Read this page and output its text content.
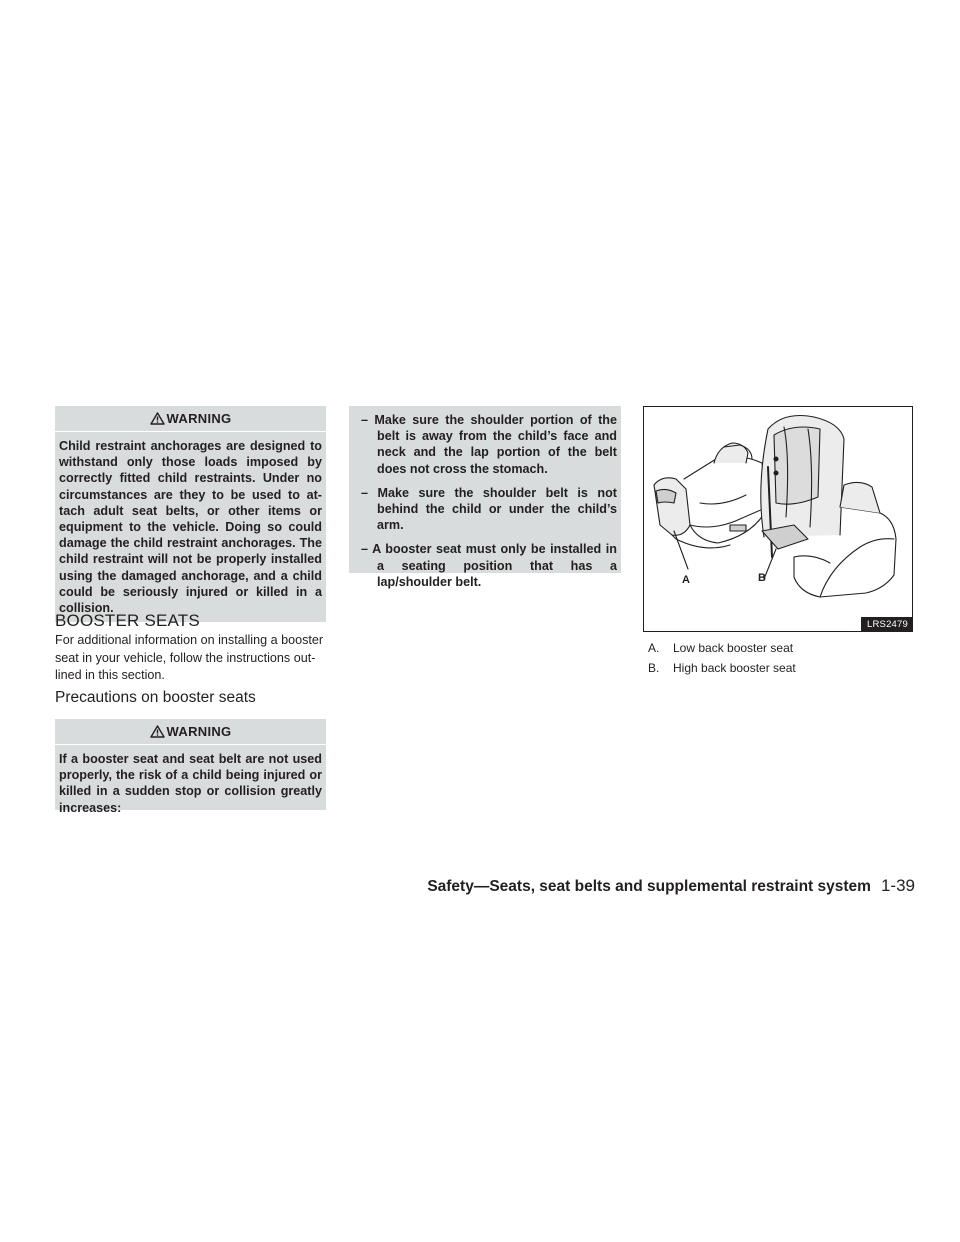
WARNING

Child restraint anchorages are designed to withstand only those loads imposed by correctly fitted child restraints. Under no circumstances are they to be used to at-tach adult seat belts, or other items or equipment to the vehicle. Doing so could damage the child restraint anchorages. The child restraint will not be properly installed using the damaged anchorage, and a child could be seriously injured or killed in a collision.

BOOSTER SEATS

For additional information on installing a booster seat in your vehicle, follow the instructions out-lined in this section.

Precautions on booster seats
WARNING

If a booster seat and seat belt are not used properly, the risk of a child being injured or killed in a sudden stop or collision greatly increases:

– Make sure the shoulder portion of the belt is away from the child’s face and neck and the lap portion of the belt does not cross the stomach.
– Make sure the shoulder belt is not behind the child or under the child’s arm.
– A booster seat must only be installed in a seating position that has a lap/shoulder belt.	A	B
LRS2479
A. Low back booster seat
B. High back booster seat
Safety—Seats, seat belts and supplemental restraint system 1-39
